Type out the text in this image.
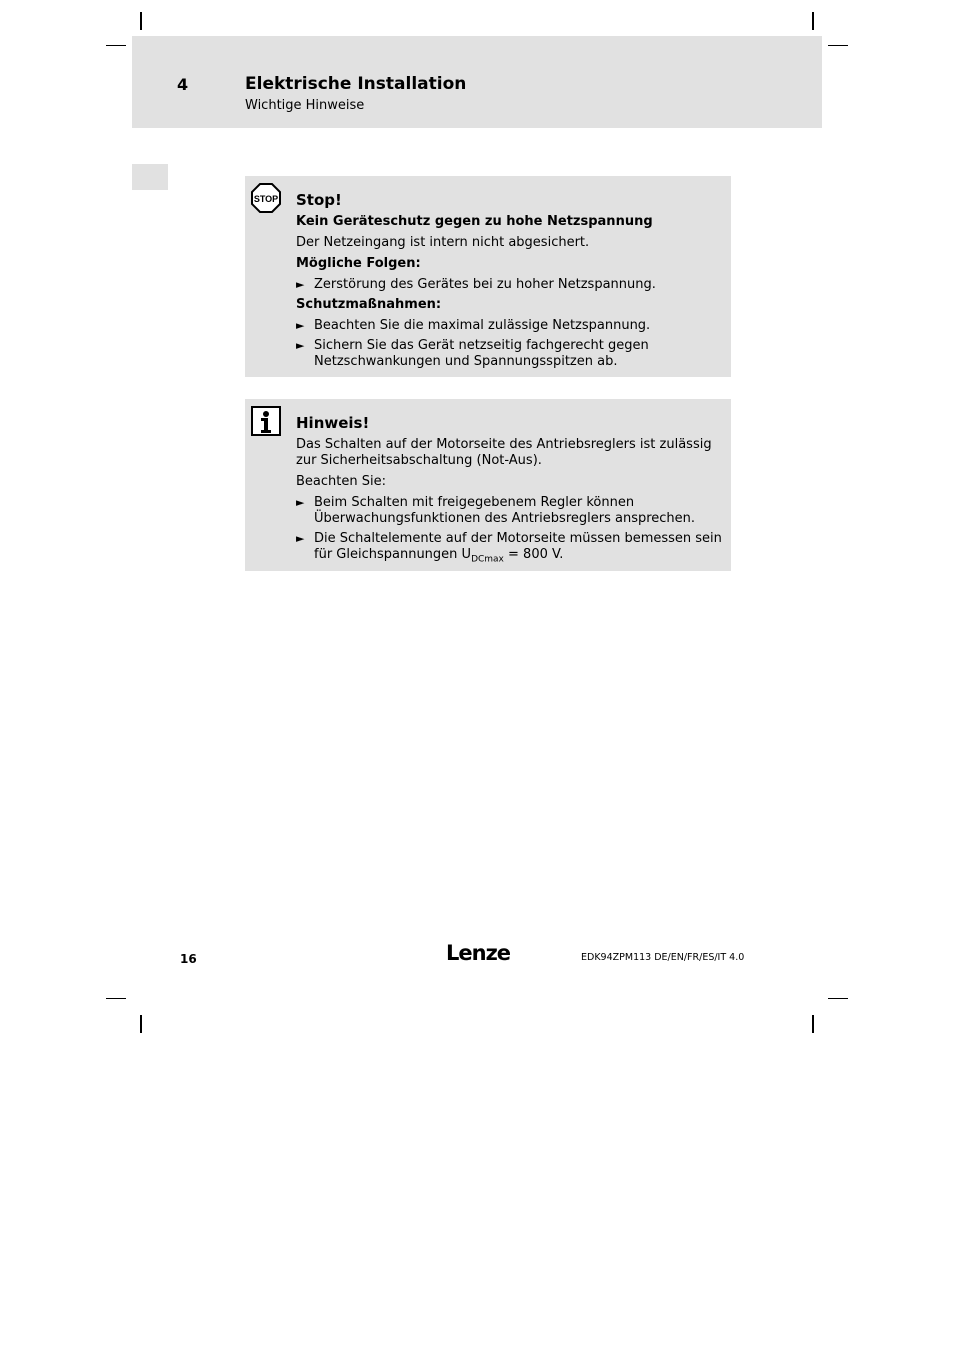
4	Elektrische Installation
Wichtige Hinweise
STOP Stop!
Kein Geräteschutz gegen zu hohe Netzspannung

Der Netzeingang ist intern nicht abgesichert.

Mögliche Folgen:
► Zerstörung des Gerätes bei zu hoher Netzspannung.
Schutzmaßnahmen:
► Beachten Sie die maximal zulässige Netzspannung.
► Sichern Sie das Gerät netzseitig fachgerecht gegen Netzschwankungen und Spannungsspitzen ab.
Hinweis!

Das Schalten auf der Motorseite des Antriebsreglers ist zulässig zur Sicherheitsabschaltung (Not-Aus).

Beachten Sie:

► Beim Schalten mit freigegebenem Regler können Überwachungsfunktionen des Antriebsreglers ansprechen.
► Die Schaltelemente auf der Motorseite müssen bemessen sein für Gleichspannungen $U_{DCmax} = 800$ V.
16	Lenze	EDK94ZPM113 DE/EN/FR/ES/IT 4.0
